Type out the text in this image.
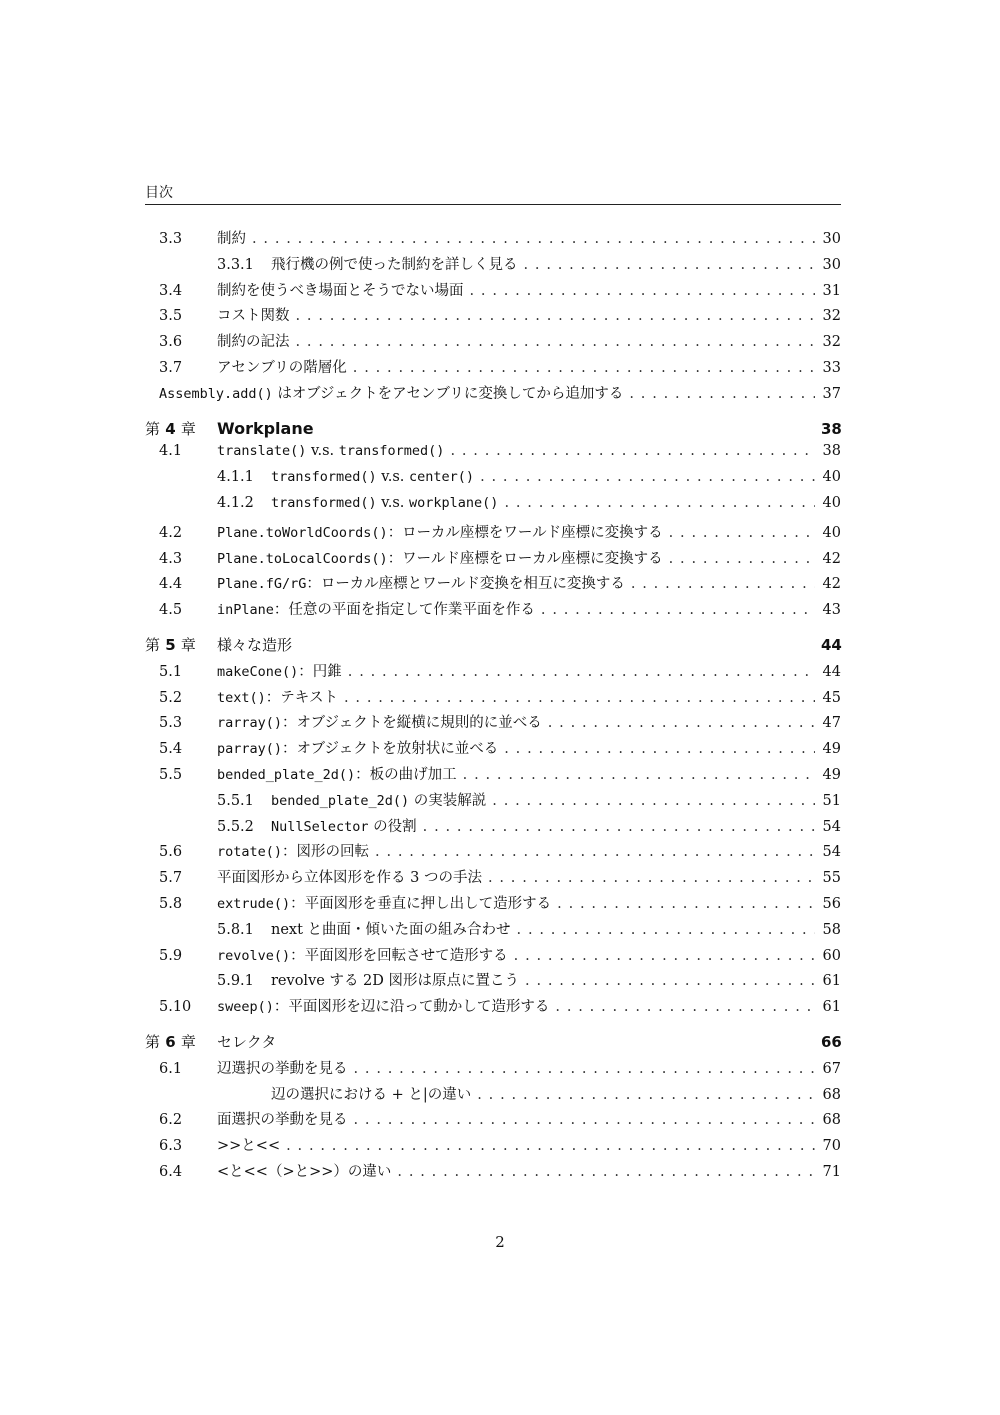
目次
3.3	制約 . . .	30
3.3.1	飛行機の例で使った制約を詳しく見る . . .	30
3.4	制約を使うべき場面とそうでない場面 . . .	31
3.5	コスト関数 . . .	32
3.6	制約の記法 . . .	32
3.7	アセンブリの階層化 . . .	33
Assembly.add() はオブジェクトをアセンブリに変換してから追加する . . .	37
第 4 章	Workplane	38
4.1	translate() v.s. transformed() . . .	38
4.1.1	transformed() v.s. center() . . .	40
4.1.2	transformed() v.s. workplane() . . .	40
4.2	Plane.toWorldCoords()：ローカル座標をワールド座標に変換する . . .	40
4.3	Plane.toLocalCoords()：ワールド座標をローカル座標に変換する . . .	42
4.4	Plane.fG/rG：ローカル座標とワールド変換を相互に変換する . . .	42
4.5	inPlane：任意の平面を指定して作業平面を作る . . .	43
第 5 章	様々な造形	44
5.1	makeCone()：円錐 . . .	44
5.2	text()：テキスト . . .	45
5.3	rarray()：オブジェクトを縦横に規則的に並べる . . .	47
5.4	parray()：オブジェクトを放射状に並べる . . .	49
5.5	bended_plate_2d()：板の曲げ加工 . . .	49
5.5.1	bended_plate_2d() の実装解説 . . .	51
5.5.2	NullSelector の役割 . . .	54
5.6	rotate()：図形の回転 . . .	54
5.7	平面図形から立体図形を作る 3 つの手法 . . .	55
5.8	extrude()：平面図形を垂直に押し出して造形する . . .	56
5.8.1	next と曲面・傾いた面の組み合わせ . . .	58
5.9	revolve()：平面図形を回転させて造形する . . .	60
5.9.1	revolve する 2D 図形は原点に置こう . . .	61
5.10	sweep()：平面図形を辺に沿って動かして造形する . . .	61
第 6 章	セレクタ	66
6.1	辺選択の挙動を見る . . .	67
辺の選択における + と|の違い . . .	68
6.2	面選択の挙動を見る . . .	68
6.3	>>と<< . . .	70
6.4	<と<<（>と>>）の違い . . .	71
2
